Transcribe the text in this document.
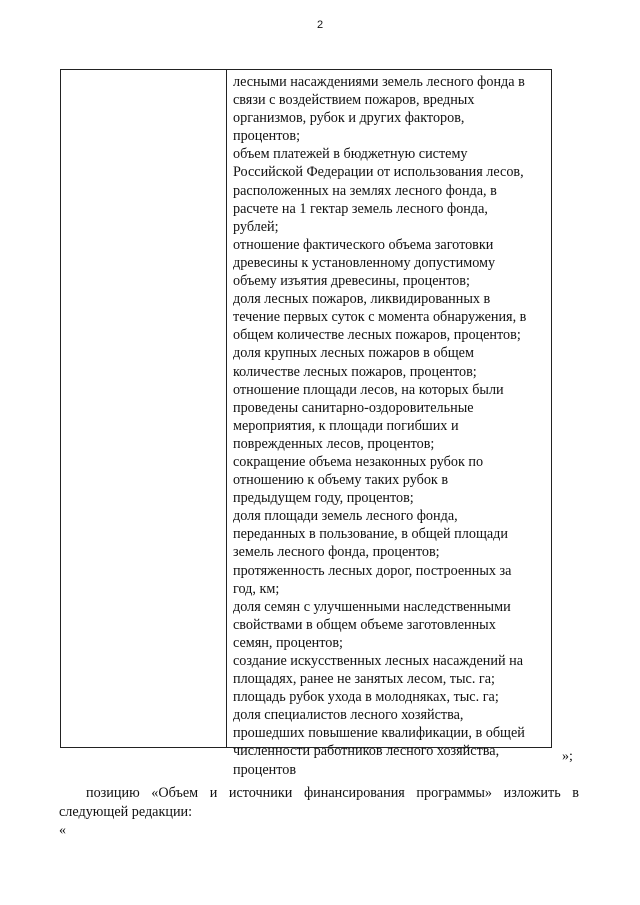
2
лесными насаждениями земель лесного фонда в
связи с воздействием пожаров, вредных
организмов, рубок и других факторов,
процентов;
объем платежей в бюджетную систему
Российской Федерации от использования лесов,
расположенных на землях лесного фонда, в
расчете на 1 гектар земель лесного фонда,
рублей;
отношение фактического объема заготовки
древесины к установленному допустимому
объему изъятия древесины, процентов;
доля лесных пожаров, ликвидированных в
течение первых суток с момента обнаружения, в
общем количестве лесных пожаров, процентов;
доля крупных лесных пожаров в общем
количестве лесных пожаров, процентов;
отношение площади лесов, на которых были
проведены санитарно-оздоровительные
мероприятия, к площади погибших и
поврежденных лесов, процентов;
сокращение объема незаконных рубок по
отношению к объему таких рубок в
предыдущем году, процентов;
доля площади земель лесного фонда,
переданных в пользование, в общей площади
земель лесного фонда, процентов;
протяженность лесных дорог, построенных за
год, км;
доля семян с улучшенными наследственными
свойствами в общем объеме заготовленных
семян, процентов;
создание искусственных лесных насаждений на
площадях, ранее не занятых лесом, тыс. га;
площадь рубок ухода в молодняках, тыс. га;
доля специалистов лесного хозяйства,
прошедших повышение квалификации, в общей
численности работников лесного хозяйства,
процентов
»;
позицию «Объем и источники финансирования программы» изложить в
следующей редакции:
«
